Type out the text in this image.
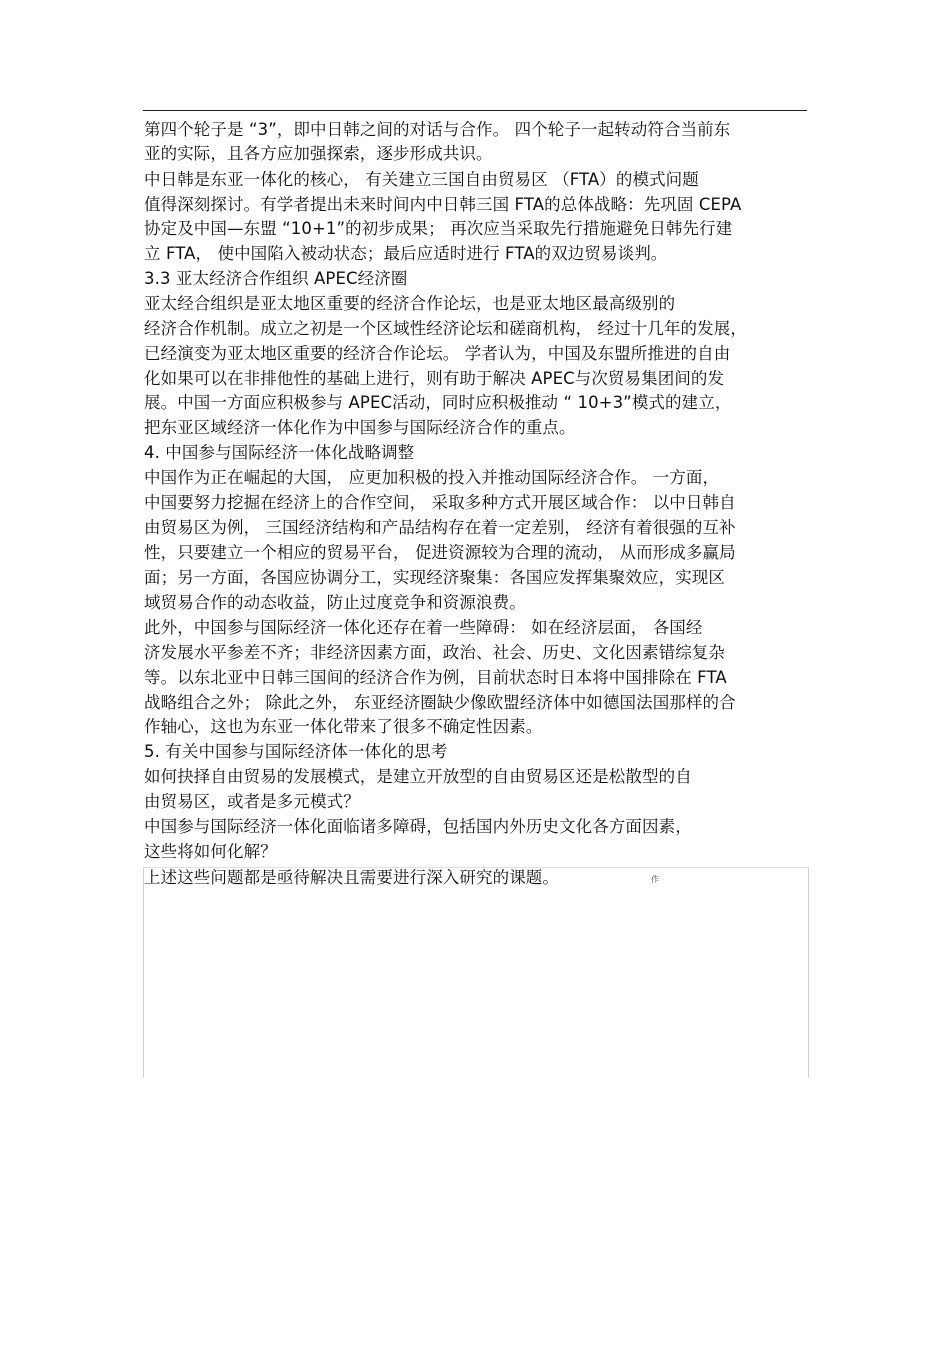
第四个轮子是 “3”，即中日韩之间的对话与合作。 四个轮子一起转动符合当前东
亚的实际，且各方应加强探索，逐步形成共识。
中日韩是东亚一体化的核心， 有关建立三国自由贸易区 （FTA）的模式问题
值得深刻探讨。有学者提出未来时间内中日韩三国 FTA的总体战略：先巩固 CEPA
协定及中国—东盟 “10+1”的初步成果； 再次应当采取先行措施避免日韩先行建
立 FTA， 使中国陷入被动状态；最后应适时进行 FTA的双边贸易谈判。
3.3 亚太经济合作组织 APEC经济圈
亚太经合组织是亚太地区重要的经济合作论坛，也是亚太地区最高级别的
经济合作机制。成立之初是一个区域性经济论坛和磋商机构， 经过十几年的发展，
已经演变为亚太地区重要的经济合作论坛。 学者认为，中国及东盟所推进的自由
化如果可以在非排他性的基础上进行，则有助于解决 APEC与次贸易集团间的发
展。中国一方面应积极参与 APEC活动，同时应积极推动 “ 10+3”模式的建立，
把东亚区域经济一体化作为中国参与国际经济合作的重点。
4. 中国参与国际经济一体化战略调整
中国作为正在崛起的大国， 应更加积极的投入并推动国际经济合作。 一方面，
中国要努力挖掘在经济上的合作空间， 采取多种方式开展区域合作： 以中日韩自
由贸易区为例， 三国经济结构和产品结构存在着一定差别， 经济有着很强的互补
性，只要建立一个相应的贸易平台， 促进资源较为合理的流动， 从而形成多赢局
面；另一方面，各国应协调分工，实现经济聚集：各国应发挥集聚效应，实现区
域贸易合作的动态收益，防止过度竞争和资源浪费。
此外，中国参与国际经济一体化还存在着一些障碍： 如在经济层面， 各国经
济发展水平参差不齐；非经济因素方面，政治、社会、历史、文化因素错综复杂
等。以东北亚中日韩三国间的经济合作为例，目前状态时日本将中国排除在 FTA
战略组合之外； 除此之外， 东亚经济圈缺少像欧盟经济体中如德国法国那样的合
作轴心，这也为东亚一体化带来了很多不确定性因素。
5. 有关中国参与国际经济体一体化的思考
如何抉择自由贸易的发展模式，是建立开放型的自由贸易区还是松散型的自
由贸易区，或者是多元模式？
中国参与国际经济一体化面临诸多障碍，包括国内外历史文化各方面因素，
这些将如何化解？
上述这些问题都是亟待解决且需要进行深入研究的课题。	作
